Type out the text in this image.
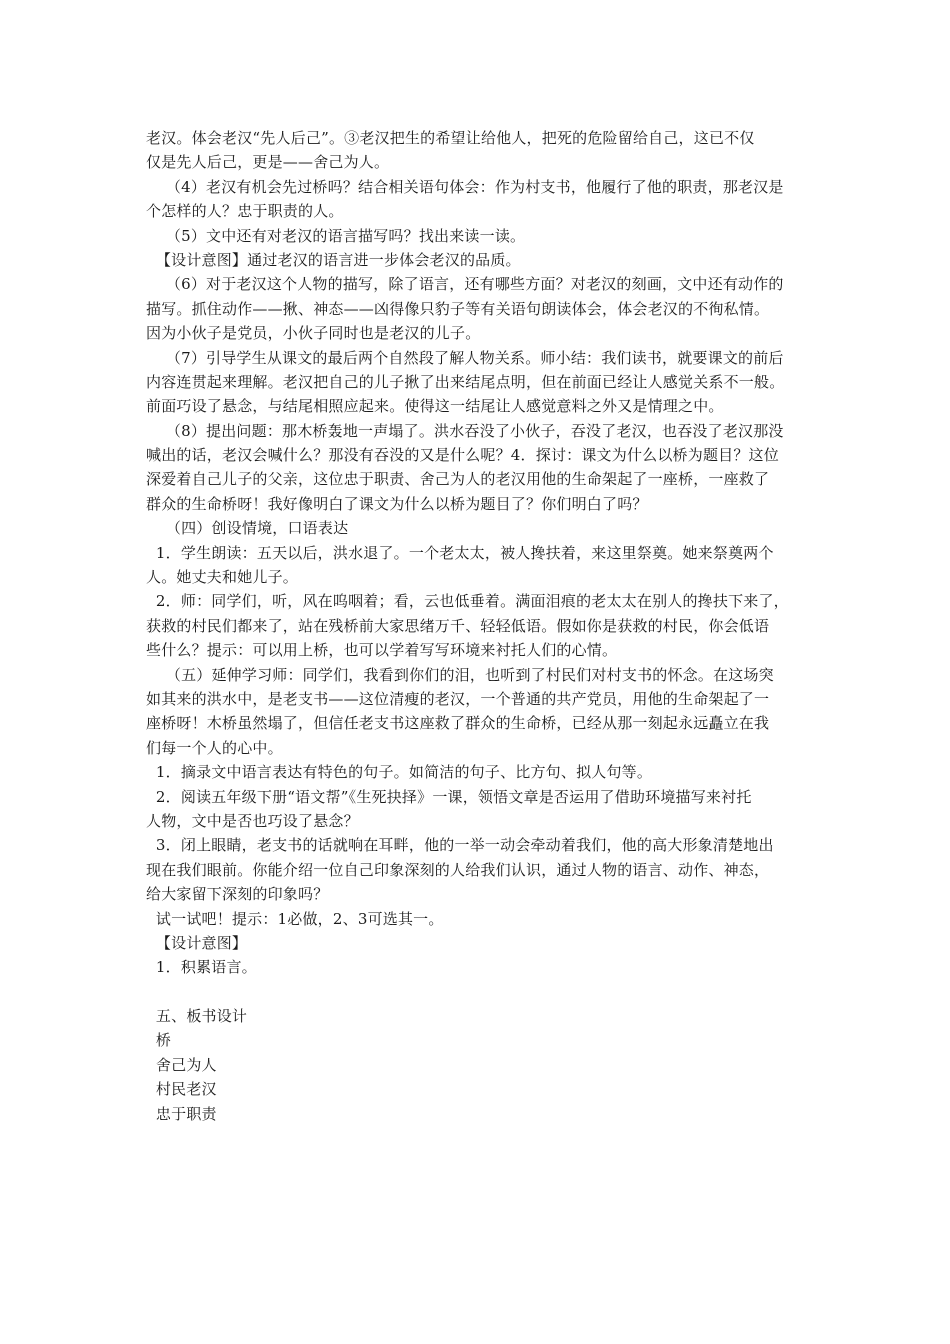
老汉。体会老汉“先人后己”。③老汉把生的希望让给他人，把死的危险留给自己，这已不仅
仅是先人后己，更是——舍己为人。
（4）老汉有机会先过桥吗？结合相关语句体会：作为村支书，他履行了他的职责，那老汉是
个怎样的人？忠于职责的人。
（5）文中还有对老汉的语言描写吗？找出来读一读。
【设计意图】通过老汉的语言进一步体会老汉的品质。
（6）对于老汉这个人物的描写，除了语言，还有哪些方面？对老汉的刻画，文中还有动作的
描写。抓住动作——揪、神态——凶得像只豹子等有关语句朗读体会，体会老汉的不徇私情。
因为小伙子是党员，小伙子同时也是老汉的儿子。
（7）引导学生从课文的最后两个自然段了解人物关系。师小结：我们读书，就要课文的前后
内容连贯起来理解。老汉把自己的儿子揪了出来结尾点明，但在前面已经让人感觉关系不一般。
前面巧设了悬念，与结尾相照应起来。使得这一结尾让人感觉意料之外又是情理之中。
（8）提出问题：那木桥轰地一声塌了。洪水吞没了小伙子，吞没了老汉，也吞没了老汉那没
喊出的话，老汉会喊什么？那没有吞没的又是什么呢？4．探讨：课文为什么以桥为题目？这位
深爱着自己儿子的父亲，这位忠于职责、舍己为人的老汉用他的生命架起了一座桥，一座救了
群众的生命桥呀！我好像明白了课文为什么以桥为题目了？你们明白了吗？
（四）创设情境，口语表达
1．学生朗读：五天以后，洪水退了。一个老太太，被人搀扶着，来这里祭奠。她来祭奠两个
人。她丈夫和她儿子。
2．师：同学们，听，风在呜咽着；看，云也低垂着。满面泪痕的老太太在别人的搀扶下来了，
获救的村民们都来了，站在残桥前大家思绪万千、轻轻低语。假如你是获救的村民，你会低语
些什么？提示：可以用上桥，也可以学着写写环境来衬托人们的心情。
（五）延伸学习师：同学们，我看到你们的泪，也听到了村民们对村支书的怀念。在这场突
如其来的洪水中，是老支书——这位清瘦的老汉，一个普通的共产党员，用他的生命架起了一
座桥呀！木桥虽然塌了，但信任老支书这座救了群众的生命桥，已经从那一刻起永远矗立在我
们每一个人的心中。
1．摘录文中语言表达有特色的句子。如简洁的句子、比方句、拟人句等。
2．阅读五年级下册“语文帮”《生死抉择》一课，领悟文章是否运用了借助环境描写来衬托
人物，文中是否也巧设了悬念？
3．闭上眼睛，老支书的话就响在耳畔，他的一举一动会牵动着我们，他的高大形象清楚地出
现在我们眼前。你能介绍一位自己印象深刻的人给我们认识，通过人物的语言、动作、神态，
给大家留下深刻的印象吗？
试一试吧！提示：1必做，2、3可选其一。
【设计意图】
1．积累语言。
五、板书设计
桥
舍己为人
村民老汉
忠于职责
